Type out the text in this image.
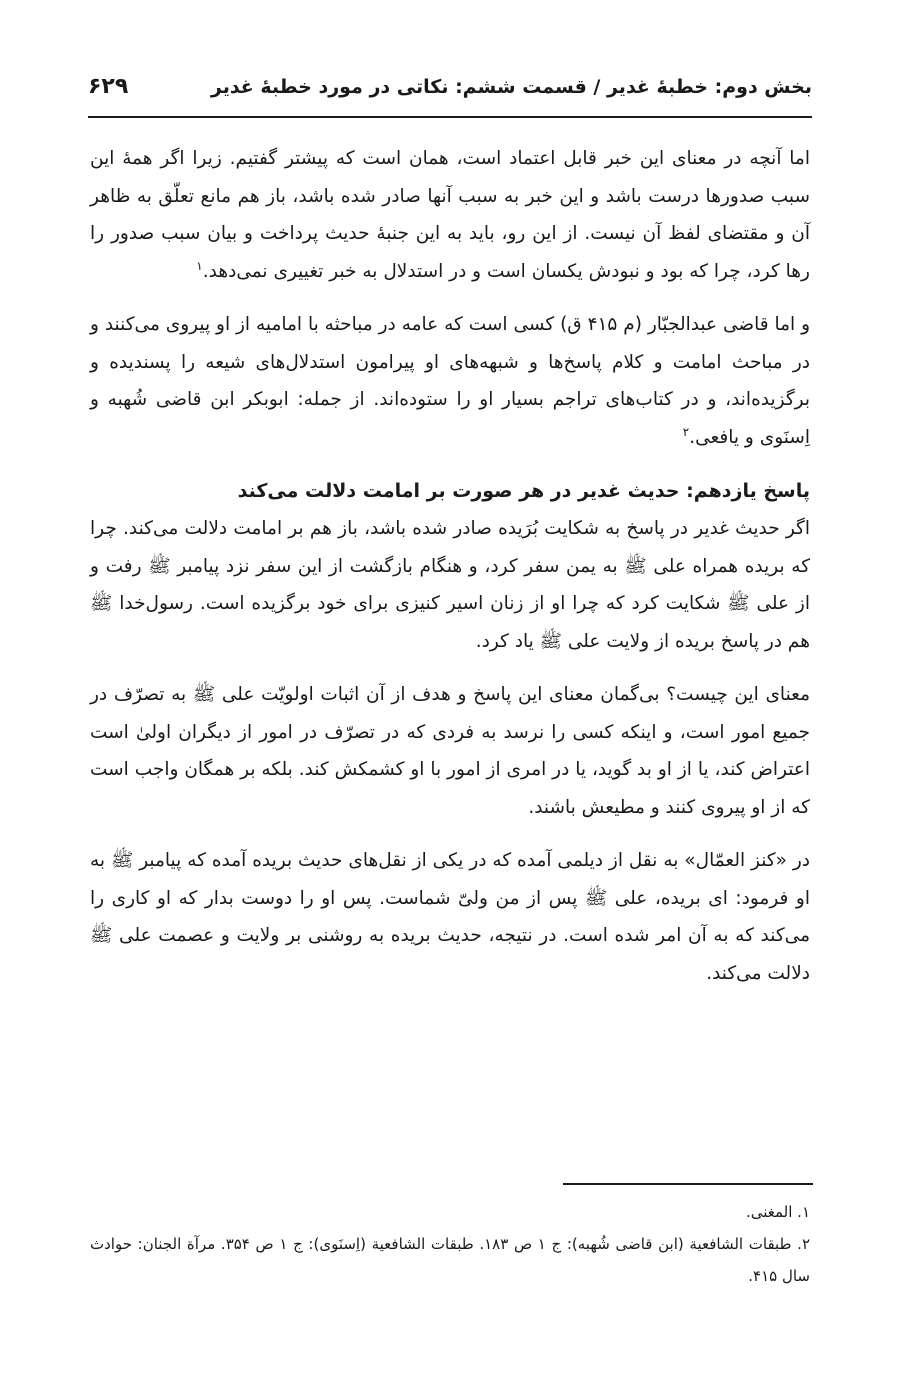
بخش دوم: خطبهٔ غدیر / قسمت ششم: نکاتی در مورد خطبهٔ غدیر
۶۲۹

اما آنچه در معنای این خبر قابل اعتماد است، همان است که پیشتر گفتیم. زیرا اگر همهٔ این سبب صدورها درست باشد و این خبر به سبب آنها صادر شده باشد، باز هم مانع تعلّق به ظاهر آن و مقتضای لفظ آن نیست. از این رو، باید به این جنبهٔ حدیث پرداخت و بیان سبب صدور را رها کرد، چرا که بود و نبودش یکسان است و در استدلال به خبر تغییری نمی‌دهد.$^۱$

و اما قاضی عبدالجبّار (م ۴۱۵ ق) کسی است که عامه در مباحثه با امامیه از او پیروی می‌کنند و در مباحث امامت و کلام پاسخ‌ها و شبهه‌های او پیرامون استدلال‌های شیعه را پسندیده و برگزیده‌اند، و در کتاب‌های تراجم بسیار او را ستوده‌اند. از جمله: ابوبکر ابن قاضی شُهبه و اِسنَوی و یافعی.$^۲$

پاسخ یازدهم: حدیث غدیر در هر صورت بر امامت دلالت می‌کند

اگر حدیث غدیر در پاسخ به شکایت بُرَیده صادر شده باشد، باز هم بر امامت دلالت می‌کند. چرا که بریده همراه علی ﷺ به یمن سفر کرد، و هنگام بازگشت از این سفر نزد پیامبر ﷺ رفت و از علی ﷺ شکایت کرد که چرا او از زنان اسیر کنیزی برای خود برگزیده است. رسول‌خدا ﷺ هم در پاسخ بریده از ولایت علی ﷺ یاد کرد.

معنای این چیست؟ بی‌گمان معنای این پاسخ و هدف از آن اثبات اولویّت علی ﷺ به تصرّف در جمیع امور است، و اینکه کسی را نرسد به فردی که در تصرّف در امور از دیگران اولیٰ است اعتراض کند، یا از او بد گوید، یا در امری از امور با او کشمکش کند. بلکه بر همگان واجب است که از او پیروی کنند و مطیعش باشند.

در «کنز العمّال» به نقل از دیلمی آمده که در یکی از نقل‌های حدیث بریده آمده که پیامبر ﷺ به او فرمود: ای بریده، علی ﷺ پس از من ولیّ شماست. پس او را دوست بدار که او کاری را می‌کند که به آن امر شده است. در نتیجه، حدیث بریده به روشنی بر ولایت و عصمت علی ﷺ دلالت می‌کند.

۱. المغنی.

۲. طبقات الشافعیة (ابن قاضی شُهبه): ج ۱ ص ۱۸۳. طبقات الشافعیة (اِسنَوی): ج ۱ ص ۳۵۴. مرآة الجنان: حوادث سال ۴۱۵.
